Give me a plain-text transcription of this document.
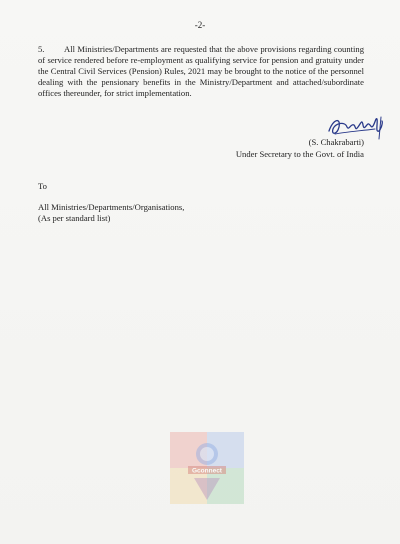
-2-
5. All Ministries/Departments are requested that the above provisions regarding counting of service rendered before re-employment as qualifying service for pension and gratuity under the Central Civil Services (Pension) Rules, 2021 may be brought to the notice of the personnel dealing with the pensionary benefits in the Ministry/Department and attached/subordinate offices thereunder, for strict implementation.
(S. Chakrabarti)
Under Secretary to the Govt. of India
To
All Ministries/Departments/Organisations,
(As per standard list)
Gconnect
